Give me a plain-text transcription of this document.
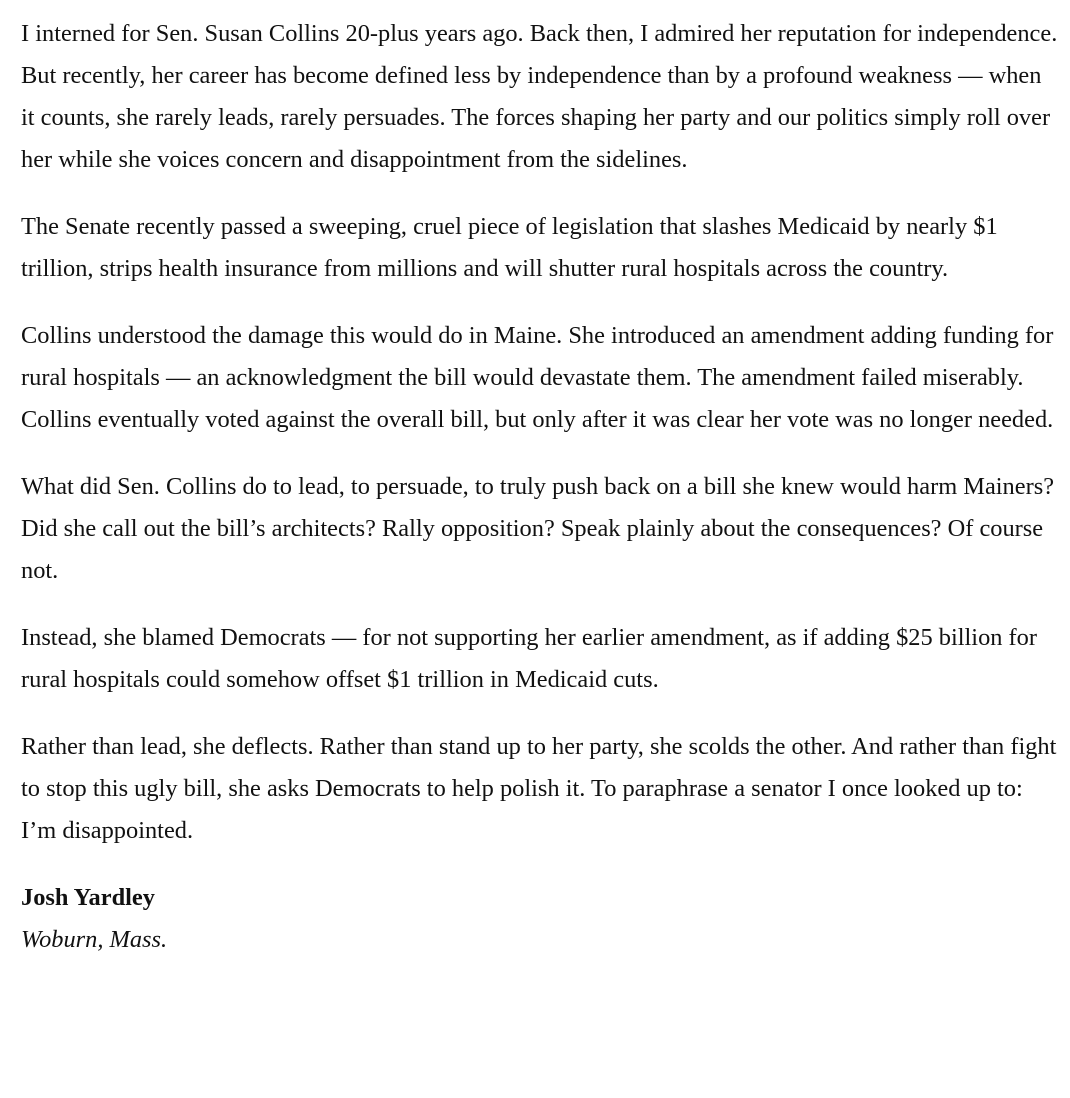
I interned for Sen. Susan Collins 20-plus years ago. Back then, I admired her reputation for independence. But recently, her career has become defined less by independence than by a profound weakness — when it counts, she rarely leads, rarely persuades. The forces shaping her party and our politics simply roll over her while she voices concern and disappointment from the sidelines.

The Senate recently passed a sweeping, cruel piece of legislation that slashes Medicaid by nearly $1 trillion, strips health insurance from millions and will shutter rural hospitals across the country.

Collins understood the damage this would do in Maine. She introduced an amendment adding funding for rural hospitals — an acknowledgment the bill would devastate them. The amendment failed miserably. Collins eventually voted against the overall bill, but only after it was clear her vote was no longer needed.

What did Sen. Collins do to lead, to persuade, to truly push back on a bill she knew would harm Mainers? Did she call out the bill’s architects? Rally opposition? Speak plainly about the consequences? Of course not.

Instead, she blamed Democrats — for not supporting her earlier amendment, as if adding $25 billion for rural hospitals could somehow offset $1 trillion in Medicaid cuts.

Rather than lead, she deflects. Rather than stand up to her party, she scolds the other. And rather than fight to stop this ugly bill, she asks Democrats to help polish it. To paraphrase a senator I once looked up to: I’m disappointed.

Josh Yardley
Woburn, Mass.
